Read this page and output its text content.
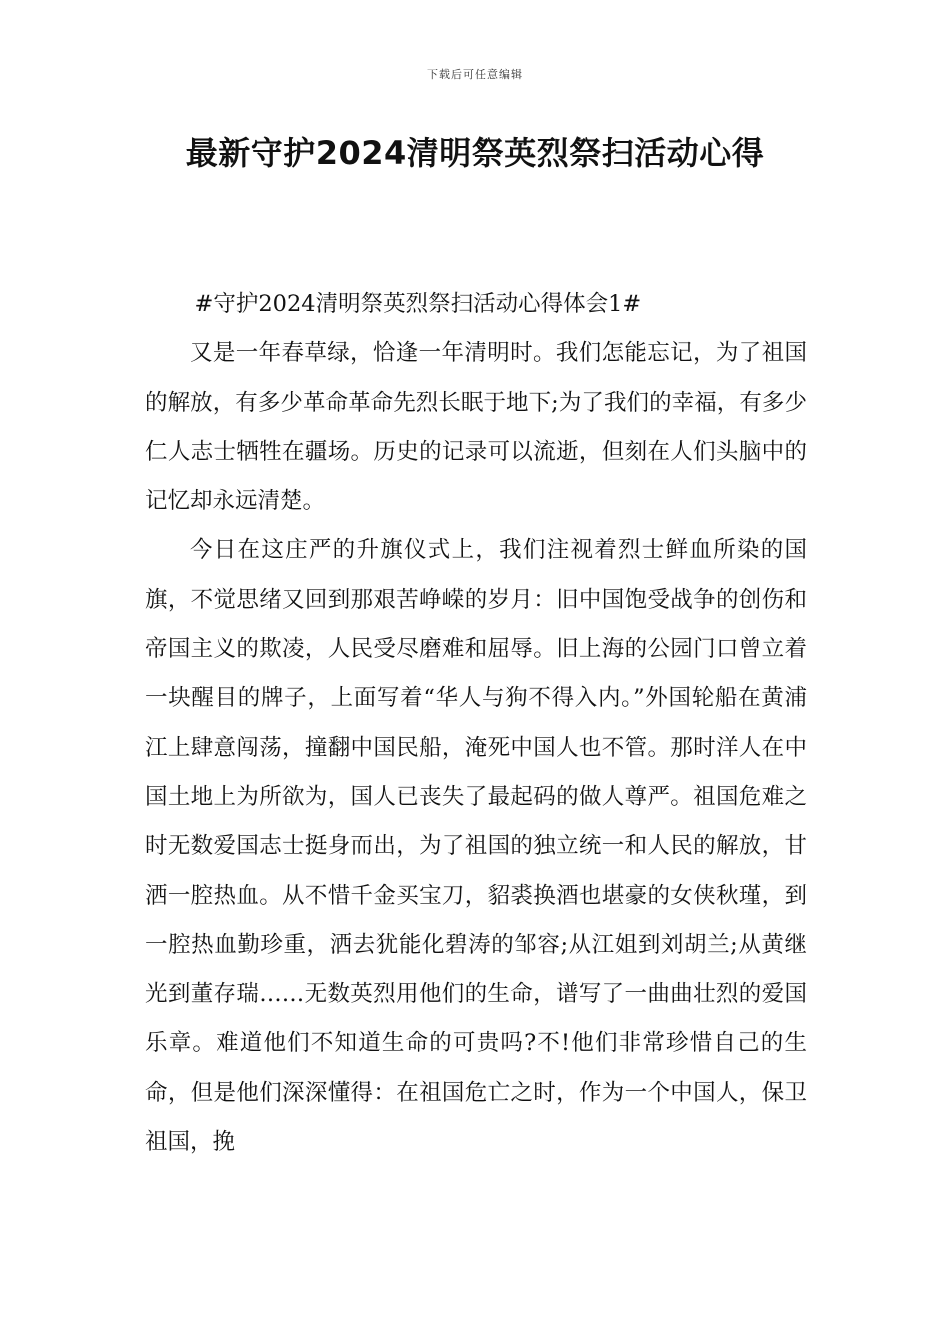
下载后可任意编辑
最新守护2024清明祭英烈祭扫活动心得

#守护2024清明祭英烈祭扫活动心得体会1#

又是一年春草绿，恰逢一年清明时。我们怎能忘记，为了祖国的解放，有多少革命革命先烈长眠于地下;为了我们的幸福，有多少仁人志士牺牲在疆场。历史的记录可以流逝，但刻在人们头脑中的记忆却永远清楚。

今日在这庄严的升旗仪式上，我们注视着烈士鲜血所染的国旗，不觉思绪又回到那艰苦峥嵘的岁月：旧中国饱受战争的创伤和帝国主义的欺凌，人民受尽磨难和屈辱。旧上海的公园门口曾立着一块醒目的牌子，上面写着“华人与狗不得入内。”外国轮船在黄浦江上肆意闯荡，撞翻中国民船，淹死中国人也不管。那时洋人在中国土地上为所欲为，国人已丧失了最起码的做人尊严。祖国危难之时无数爱国志士挺身而出，为了祖国的独立统一和人民的解放，甘洒一腔热血。从不惜千金买宝刀，貂裘换酒也堪豪的女侠秋瑾，到一腔热血勤珍重，洒去犹能化碧涛的邹容;从江姐到刘胡兰;从黄继光到董存瑞……无数英烈用他们的生命，谱写了一曲曲壮烈的爱国乐章。难道他们不知道生命的可贵吗?不!他们非常珍惜自己的生命，但是他们深深懂得：在祖国危亡之时，作为一个中国人，保卫祖国，挽
